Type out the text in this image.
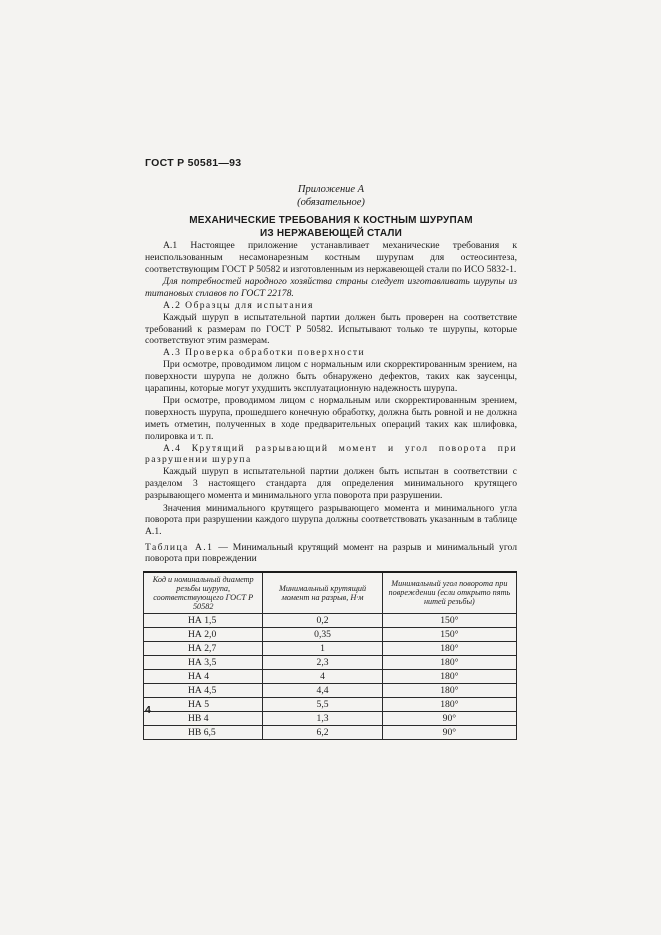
ГОСТ Р 50581—93
Приложение А
(обязательное)
МЕХАНИЧЕСКИЕ ТРЕБОВАНИЯ К КОСТНЫМ ШУРУПАМ
ИЗ НЕРЖАВЕЮЩЕЙ СТАЛИ

А.1 Настоящее приложение устанавливает механические требования к неиспользованным несамонарезным костным шурупам для остеосинтеза, соответствующим ГОСТ Р 50582 и изготовленным из нержавеющей стали по ИСО 5832-1.

Для потребностей народного хозяйства страны следует изготавливать шурупы из титановых сплавов по ГОСТ 22178.

А.2 Образцы для испытания

Каждый шуруп в испытательной партии должен быть проверен на соответствие требований к размерам по ГОСТ Р 50582. Испытывают только те шурупы, которые соответствуют этим размерам.

А.3 Проверка обработки поверхности

При осмотре, проводимом лицом с нормальным или скорректированным зрением, на поверхности шурупа не должно быть обнаружено дефектов, таких как заусенцы, царапины, которые могут ухудшить эксплуатационную надежность шурупа.

При осмотре, проводимом лицом с нормальным или скорректированным зрением, поверхность шурупа, прошедшего конечную обработку, должна быть ровной и не должна иметь отметин, полученных в ходе предварительных операций таких как шлифовка, полировка и т. п.

А.4 Крутящий разрывающий момент и угол поворота при разрушении шурупа

Каждый шуруп в испытательной партии должен быть испытан в соответствии с разделом 3 настоящего стандарта для определения минимального крутящего разрывающего момента и минимального угла поворота при разрушении.

Значения минимального крутящего разрывающего момента и минимального угла поворота при разрушении каждого шурупа должны соответствовать указанным в таблице А.1.

Таблица А.1 — Минимальный крутящий момент на разрыв и минимальный угол поворота при повреждении
Код и номинальный диаметр резьбы шурупа, соответствующего ГОСТ Р 50582	Минимальный крутящий момент на разрыв, Н·м	Минимальный угол поворота при повреждении (если открыто пять нитей резьбы)
НА 1,5	0,2	150°
НА 2,0	0,35	150°
НА 2,7	1	180°
НА 3,5	2,3	180°
НА 4	4	180°
НА 4,5	4,4	180°
НА 5	5,5	180°
НВ 4	1,3	90°
НВ 6,5	6,2	90°
4
